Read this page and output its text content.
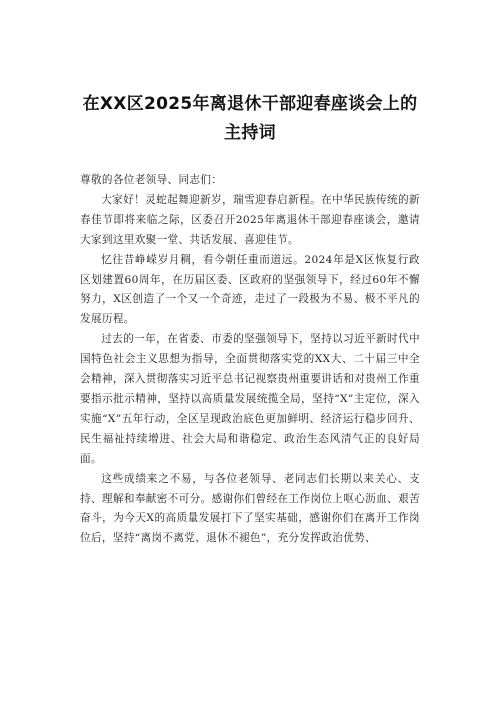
在XX区2025年离退休干部迎春座谈会上的
主持词

尊敬的各位老领导、同志们：

大家好！灵蛇起舞迎新岁，瑞雪迎春启新程。在中华民族传统的新春佳节即将来临之际，区委召开2025年离退休干部迎春座谈会，邀请大家到这里欢聚一堂、共话发展、喜迎佳节。

忆往昔峥嵘岁月稠，看今朝任重而道远。2024年是X区恢复行政区划建置60周年，在历届区委、区政府的坚强领导下，经过60年不懈努力，X区创造了一个又一个奇迹，走过了一段极为不易、极不平凡的发展历程。

过去的一年，在省委、市委的坚强领导下，坚持以习近平新时代中国特色社会主义思想为指导，全面贯彻落实党的XX大、二十届三中全会精神，深入贯彻落实习近平总书记视察贵州重要讲话和对贵州工作重要指示批示精神，坚持以高质量发展统揽全局，坚持“X”主定位，深入实施“X”五年行动，全区呈现政治底色更加鲜明、经济运行稳步回升、民生福祉持续增进、社会大局和谐稳定、政治生态风清气正的良好局面。

这些成绩来之不易，与各位老领导、老同志们长期以来关心、支持、理解和奉献密不可分。感谢你们曾经在工作岗位上呕心沥血、艰苦奋斗，为今天X的高质量发展打下了坚实基础，感谢你们在离开工作岗位后，坚持“离岗不离党、退休不褪色”，充分发挥政治优势、
